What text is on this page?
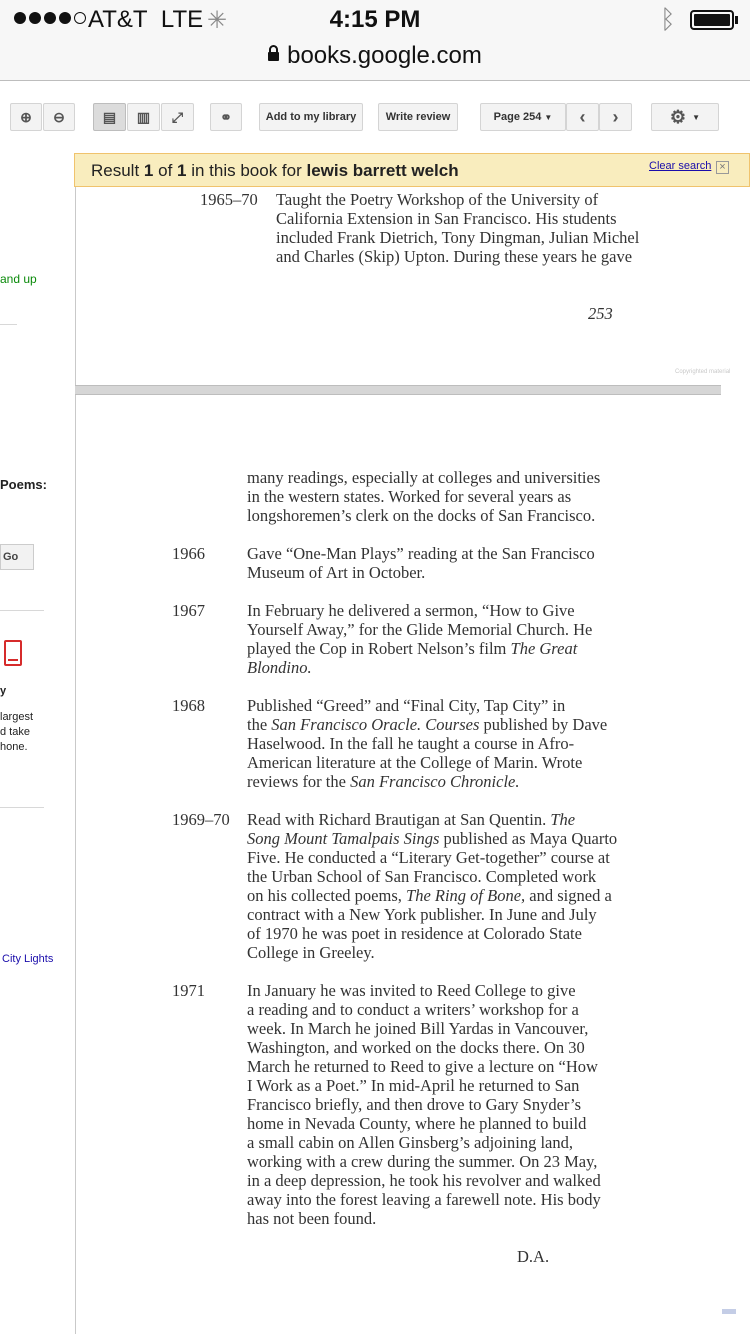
AT&T LTE ✳	4:15 PM	ᛒ
books.google.com
⊕ ⊖	▤ ▥ ⤢	⚭	Add to my library	Write review	Page 254
▼ ‹ ›	⚙
▼
and up
Poems:
Go
y
largest
d take
hone.
City Lights
1965–70 Taught the Poetry Workshop of the University of
California Extension in San Francisco. His students
included Frank Dietrich, Tony Dingman, Julian Michel
and Charles (Skip) Upton. During these years he gave
253
Copyrighted material
many readings, especially at colleges and universities
in the western states. Worked for several years as
longshoremen’s clerk on the docks of San Francisco.
1966	Gave “One-Man Plays” reading at the San Francisco
Museum of Art in October.
1967	In February he delivered a sermon, “How to Give
Yourself Away,” for the Glide Memorial Church. He
played the Cop in Robert Nelson’s film The Great
Blondino.
1968	Published “Greed” and “Final City, Tap City” in
the San Francisco Oracle. Courses published by Dave
Haselwood. In the fall he taught a course in Afro-
American literature at the College of Marin. Wrote
reviews for the San Francisco Chronicle.
1969–70 Read with Richard Brautigan at San Quentin. The
Song Mount Tamalpais Sings published as Maya Quarto
Five. He conducted a “Literary Get-together” course at
the Urban School of San Francisco. Completed work
on his collected poems, The Ring of Bone, and signed a
contract with a New York publisher. In June and July
of 1970 he was poet in residence at Colorado State
College in Greeley.
1971	In January he was invited to Reed College to give
a reading and to conduct a writers’ workshop for a
week. In March he joined Bill Yardas in Vancouver,
Washington, and worked on the docks there. On 30
March he returned to Reed to give a lecture on “How
I Work as a Poet.” In mid-April he returned to San
Francisco briefly, and then drove to Gary Snyder’s
home in Nevada County, where he planned to build
a small cabin on Allen Ginsberg’s adjoining land,
working with a crew during the summer. On 23 May,
in a deep depression, he took his revolver and walked
away into the forest leaving a farewell note. His body
has not been found.
D.A.
Result 1 of 1 in this book for lewis barrett welch	Clear search ×
